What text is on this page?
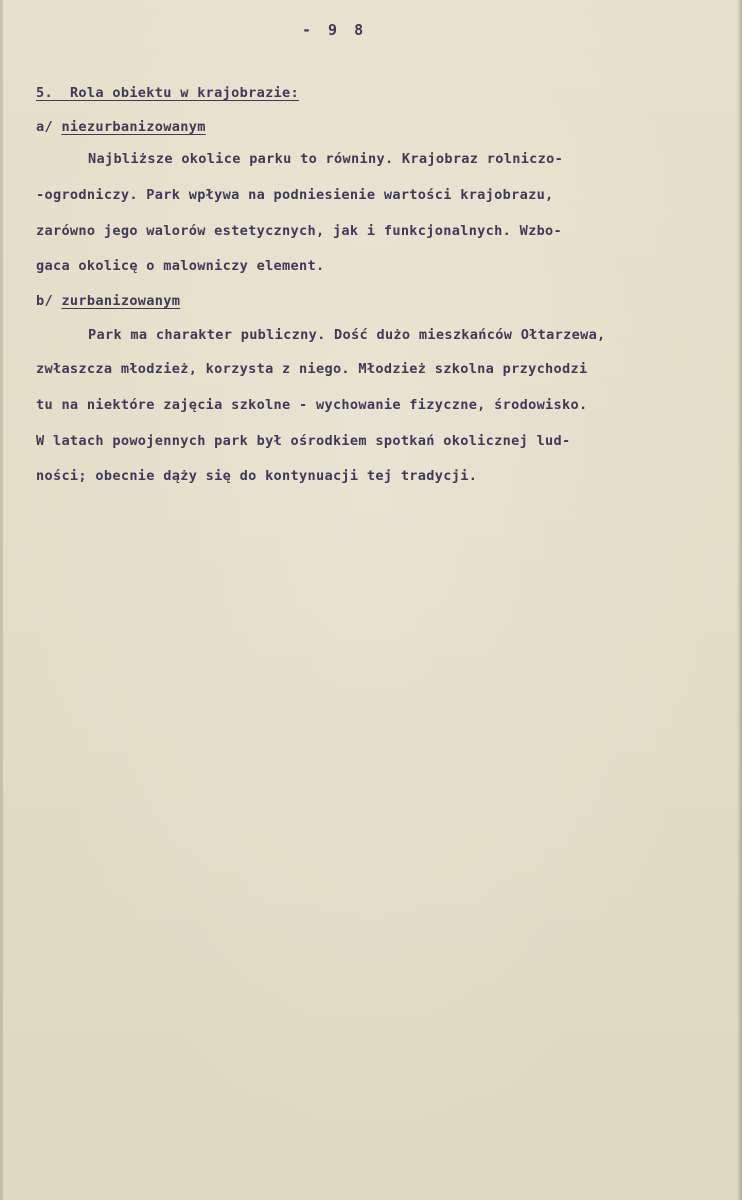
- 9 8
5. Rola obiektu w krajobrazie:
a/ niezurbanizowanym
Najbliższe okolice parku to równiny. Krajobraz rolniczo-
-ogrodniczy. Park wpływa na podniesienie wartości krajobrazu,
zarówno jego walorów estetycznych, jak i funkcjonalnych. Wzbo-
gaca okolicę o malowniczy element.
b/ zurbanizowanym
Park ma charakter publiczny. Dość dużo mieszkańców Ołtarzewa,
zwłaszcza młodzież, korzysta z niego. Młodzież szkolna przychodzi
tu na niektóre zajęcia szkolne - wychowanie fizyczne, środowisko.
W latach powojennych park był ośrodkiem spotkań okolicznej lud-
ności; obecnie dąży się do kontynuacji tej tradycji.
